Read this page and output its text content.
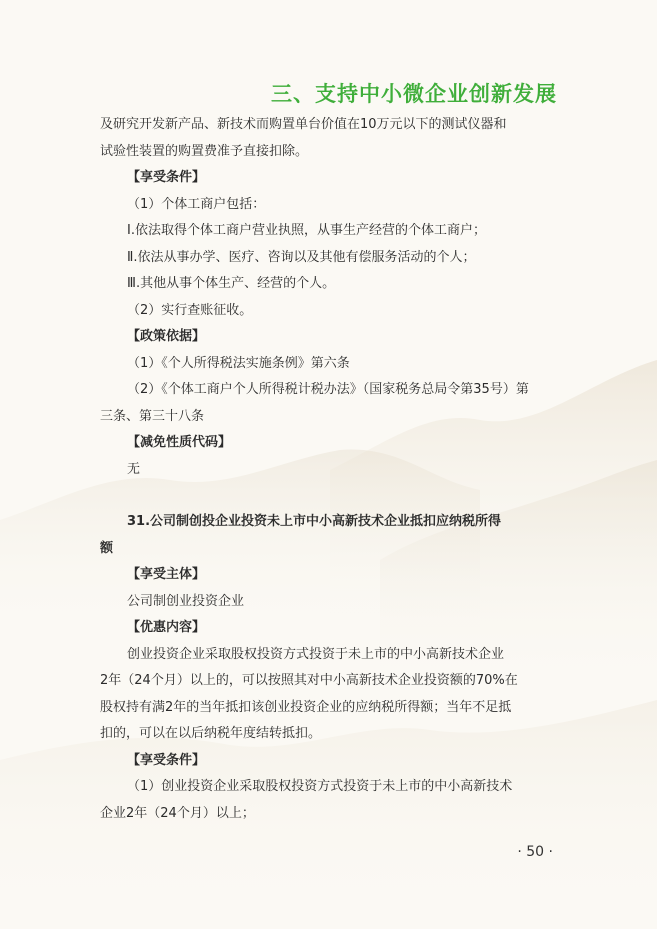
三、支持中小微企业创新发展
及研究开发新产品、新技术而购置单台价值在10万元以下的测试仪器和
试验性装置的购置费准予直接扣除。
【享受条件】
（1）个体工商户包括：
Ⅰ.依法取得个体工商户营业执照，从事生产经营的个体工商户；
Ⅱ.依法从事办学、医疗、咨询以及其他有偿服务活动的个人；
Ⅲ.其他从事个体生产、经营的个人。
（2）实行查账征收。
【政策依据】
（1）《个人所得税法实施条例》第六条
（2）《个体工商户个人所得税计税办法》（国家税务总局令第35号）第
三条、第三十八条
【减免性质代码】
无
31.公司制创投企业投资未上市中小高新技术企业抵扣应纳税所得
额
【享受主体】
公司制创业投资企业
【优惠内容】
创业投资企业采取股权投资方式投资于未上市的中小高新技术企业
2年（24个月）以上的，可以按照其对中小高新技术企业投资额的70%在
股权持有满2年的当年抵扣该创业投资企业的应纳税所得额；当年不足抵
扣的，可以在以后纳税年度结转抵扣。
【享受条件】
（1）创业投资企业采取股权投资方式投资于未上市的中小高新技术
企业2年（24个月）以上；
· 50 ·
